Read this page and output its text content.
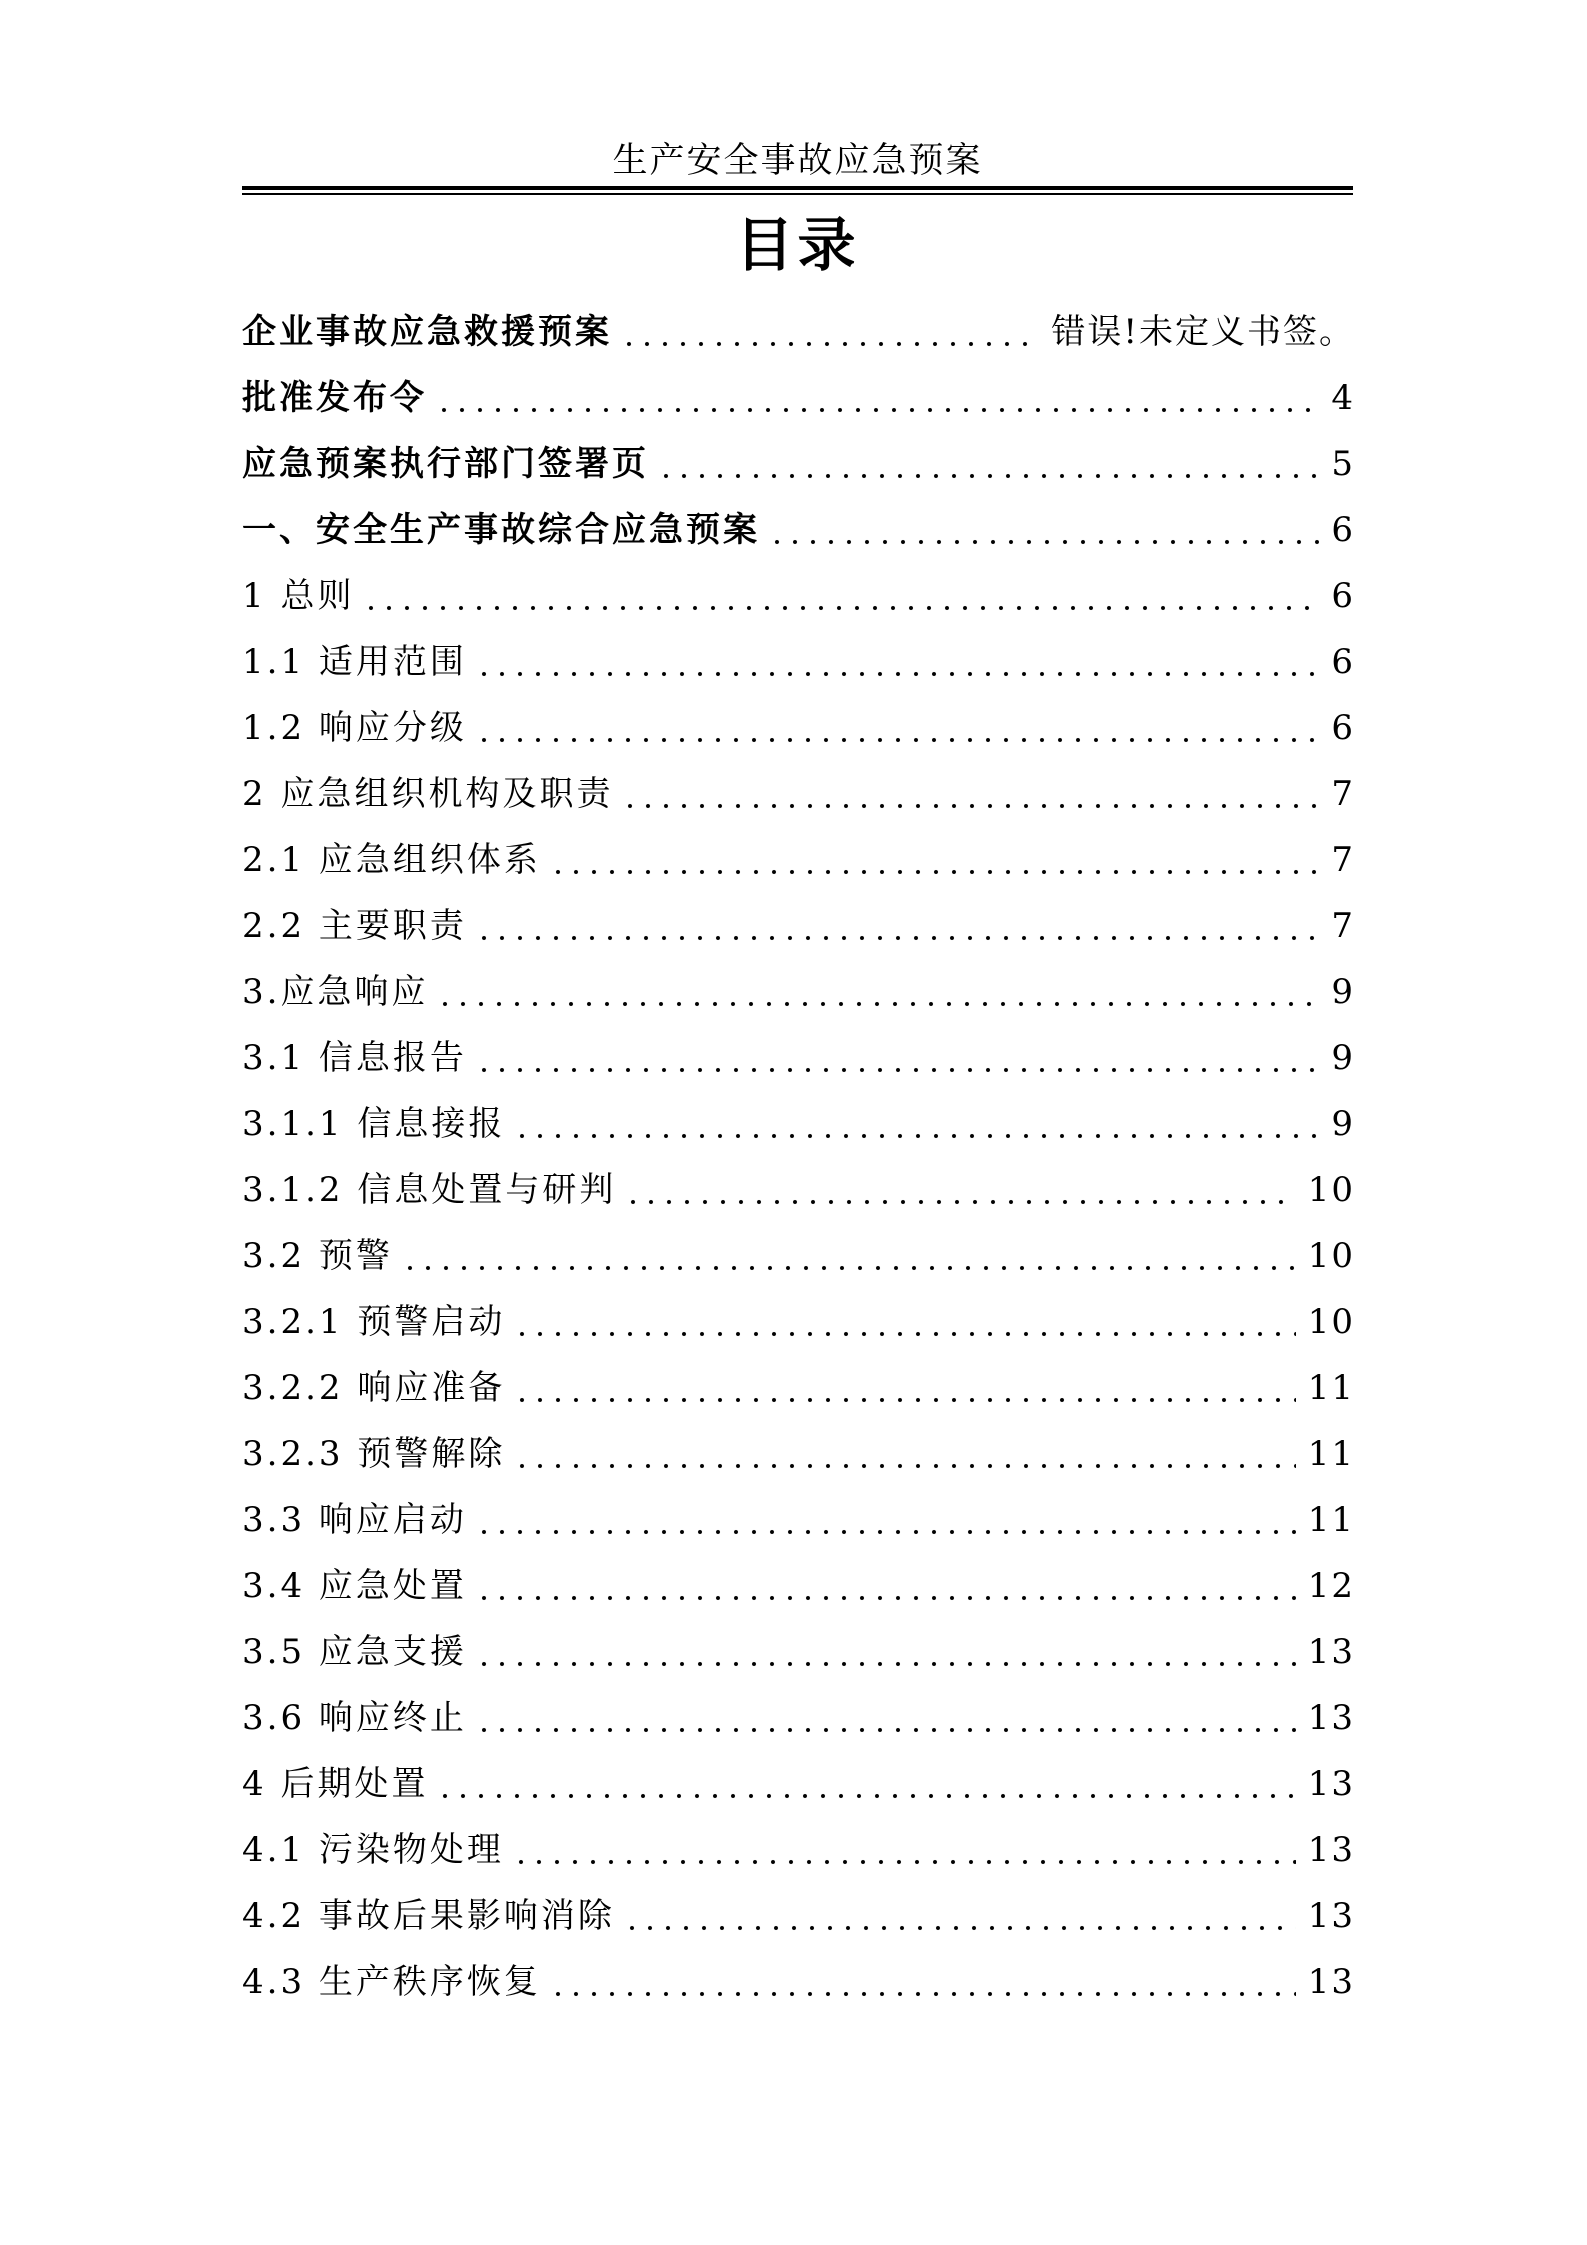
生产安全事故应急预案
目录
企业事故应急救援预案	错误!未定义书签。
批准发布令	4
应急预案执行部门签署页	5
一、安全生产事故综合应急预案	6
1 总则	6
1.1 适用范围	6
1.2 响应分级	6
2 应急组织机构及职责	7
2.1 应急组织体系	7
2.2 主要职责	7
3.应急响应	9
3.1 信息报告	9
3.1.1 信息接报	9
3.1.2 信息处置与研判	10
3.2 预警	10
3.2.1 预警启动	10
3.2.2 响应准备	11
3.2.3 预警解除	11
3.3 响应启动	11
3.4 应急处置	12
3.5 应急支援	13
3.6 响应终止	13
4 后期处置	13
4.1 污染物处理	13
4.2 事故后果影响消除	13
4.3 生产秩序恢复	13
